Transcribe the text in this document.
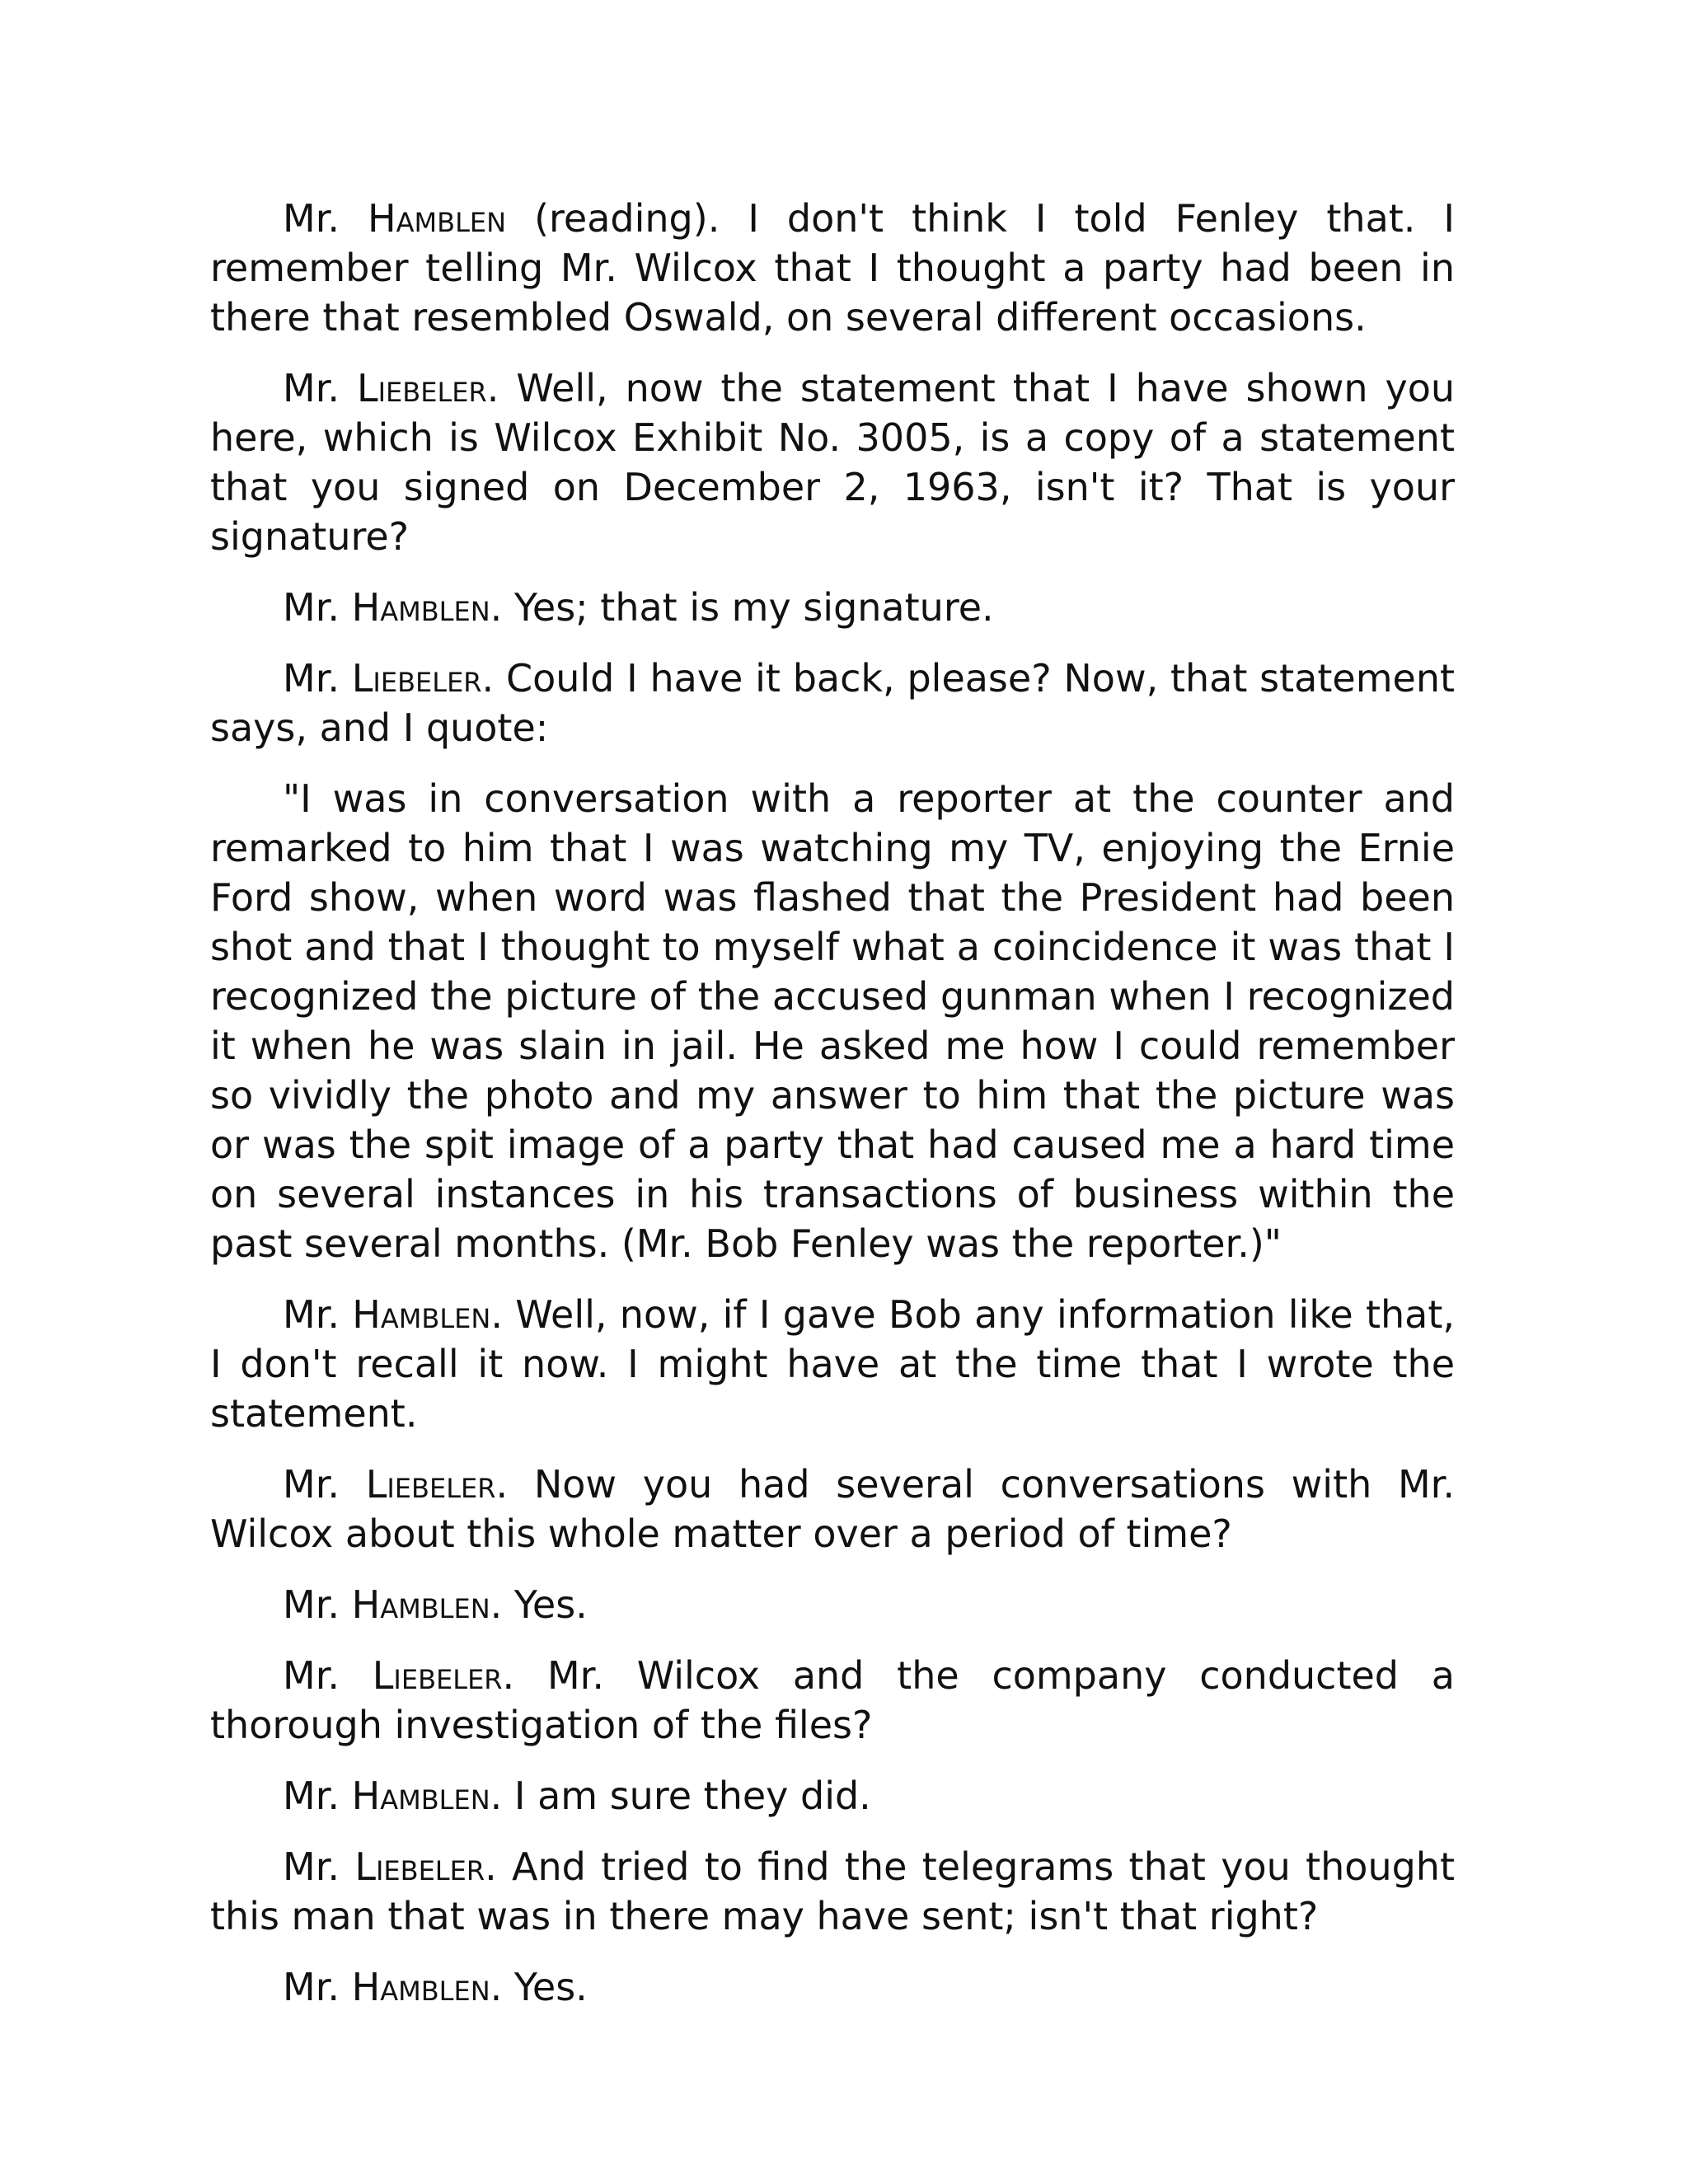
Mr. Hamblen (reading). I don't think I told Fenley that. I remember telling Mr. Wilcox that I thought a party had been in there that resembled Oswald, on several different occasions.

Mr. Liebeler. Well, now the statement that I have shown you here, which is Wilcox Exhibit No. 3005, is a copy of a statement that you signed on December 2, 1963, isn't it? That is your signature?

Mr. Hamblen. Yes; that is my signature.

Mr. Liebeler. Could I have it back, please? Now, that statement says, and I quote:

"I was in conversation with a reporter at the counter and remarked to him that I was watching my TV, enjoying the Ernie Ford show, when word was flashed that the President had been shot and that I thought to myself what a coincidence it was that I recognized the picture of the accused gunman when I recognized it when he was slain in jail. He asked me how I could remember so vividly the photo and my answer to him that the picture was or was the spit image of a party that had caused me a hard time on several instances in his transactions of business within the past several months. (Mr. Bob Fenley was the reporter.)"

Mr. Hamblen. Well, now, if I gave Bob any information like that, I don't recall it now. I might have at the time that I wrote the statement.

Mr. Liebeler. Now you had several conversations with Mr. Wilcox about this whole matter over a period of time?

Mr. Hamblen. Yes.

Mr. Liebeler. Mr. Wilcox and the company conducted a thorough investigation of the files?

Mr. Hamblen. I am sure they did.

Mr. Liebeler. And tried to find the telegrams that you thought this man that was in there may have sent; isn't that right?

Mr. Hamblen. Yes.
